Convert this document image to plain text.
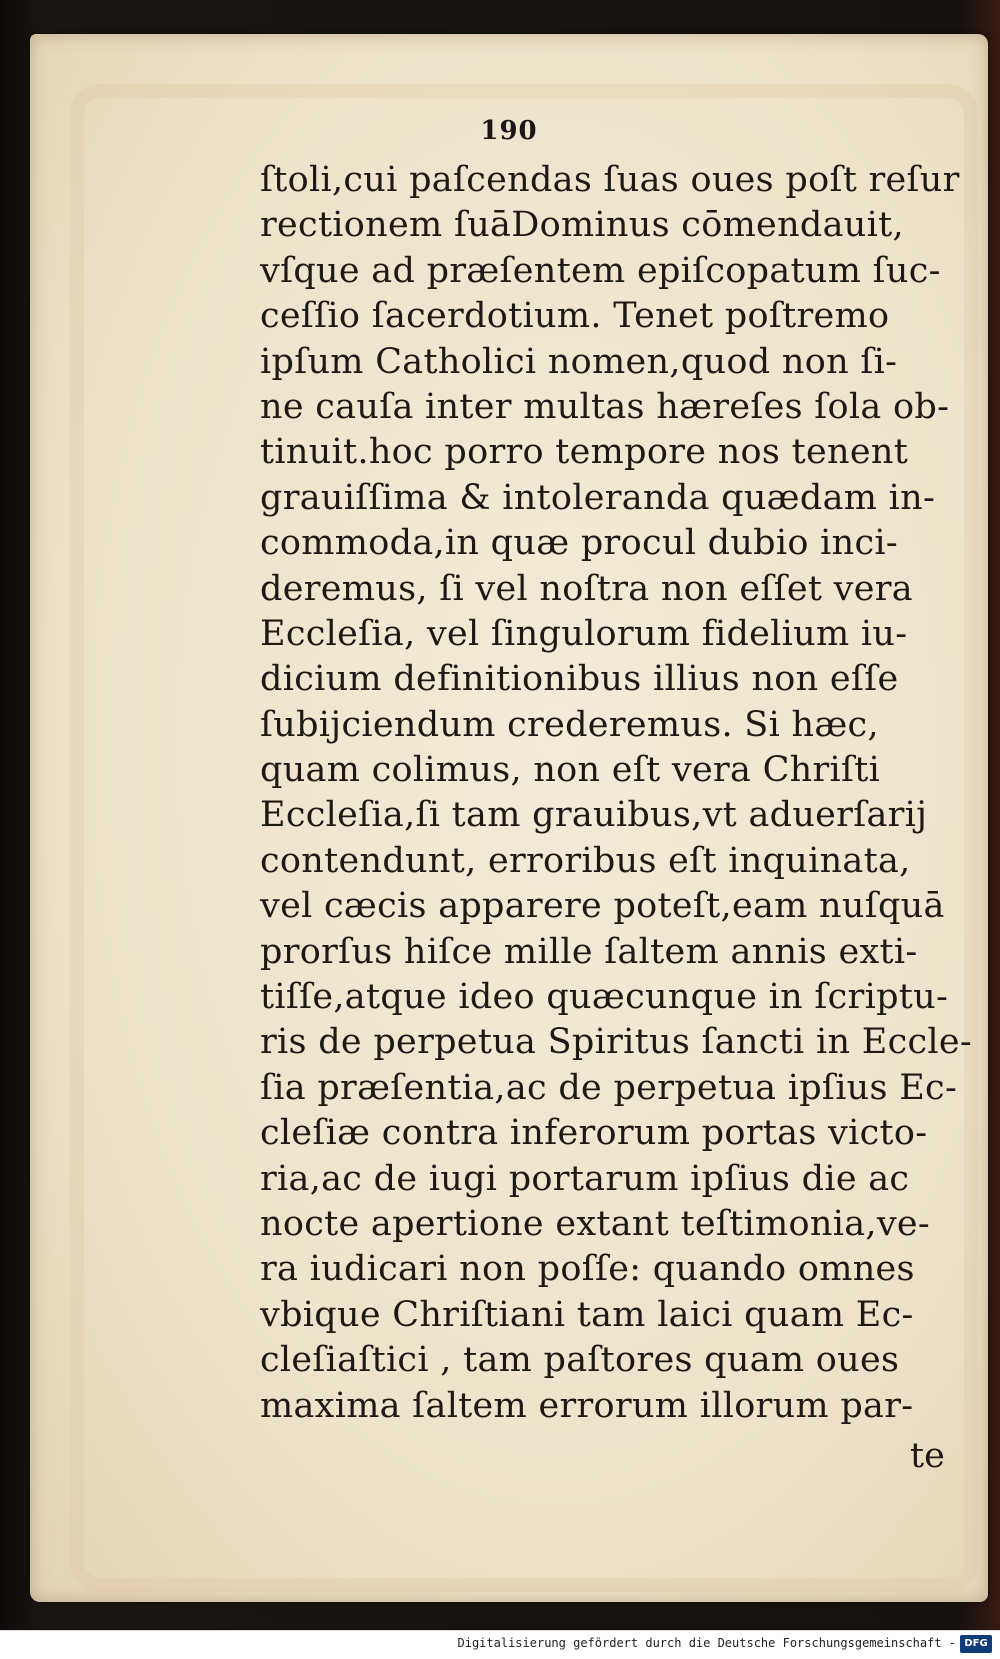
190
ſtoli,cui paſcendas ſuas oues poſt reſur
rectionem ſuāDominus cōmendauit,
vſque ad præſentem epiſcopatum ſuc-
ceſſio ſacerdotium. Tenet poſtremo
ipſum Catholici nomen,quod non ſi-
ne cauſa inter multas hæreſes ſola ob-
tinuit.hoc porro tempore nos tenent
grauiſſima & intoleranda quædam in-
commoda,in quæ procul dubio inci-
deremus, ſi vel noſtra non eſſet vera
Eccleſia, vel ſingulorum fidelium iu-
dicium definitionibus illius non eſſe
ſubijciendum crederemus. Si hæc,
quam colimus, non eſt vera Chriſti
Eccleſia,ſi tam grauibus,vt aduerſarij
contendunt, erroribus eſt inquinata,
vel cæcis apparere poteſt,eam nuſquā
prorſus hiſce mille ſaltem annis exti-
tiſſe,atque ideo quæcunque in ſcriptu-
ris de perpetua Spiritus ſancti in Eccle-
ſia præſentia,ac de perpetua ipſius Ec-
cleſiæ contra inferorum portas victo-
ria,ac de iugi portarum ipſius die ac
nocte apertione extant teſtimonia,ve-
ra iudicari non poſſe: quando omnes
vbique Chriſtiani tam laici quam Ec-
cleſiaſtici , tam paſtores quam oues
maxima ſaltem errorum illorum par-
te
Digitalisierung gefördert durch die Deutsche Forschungsgemeinschaft - DFG
